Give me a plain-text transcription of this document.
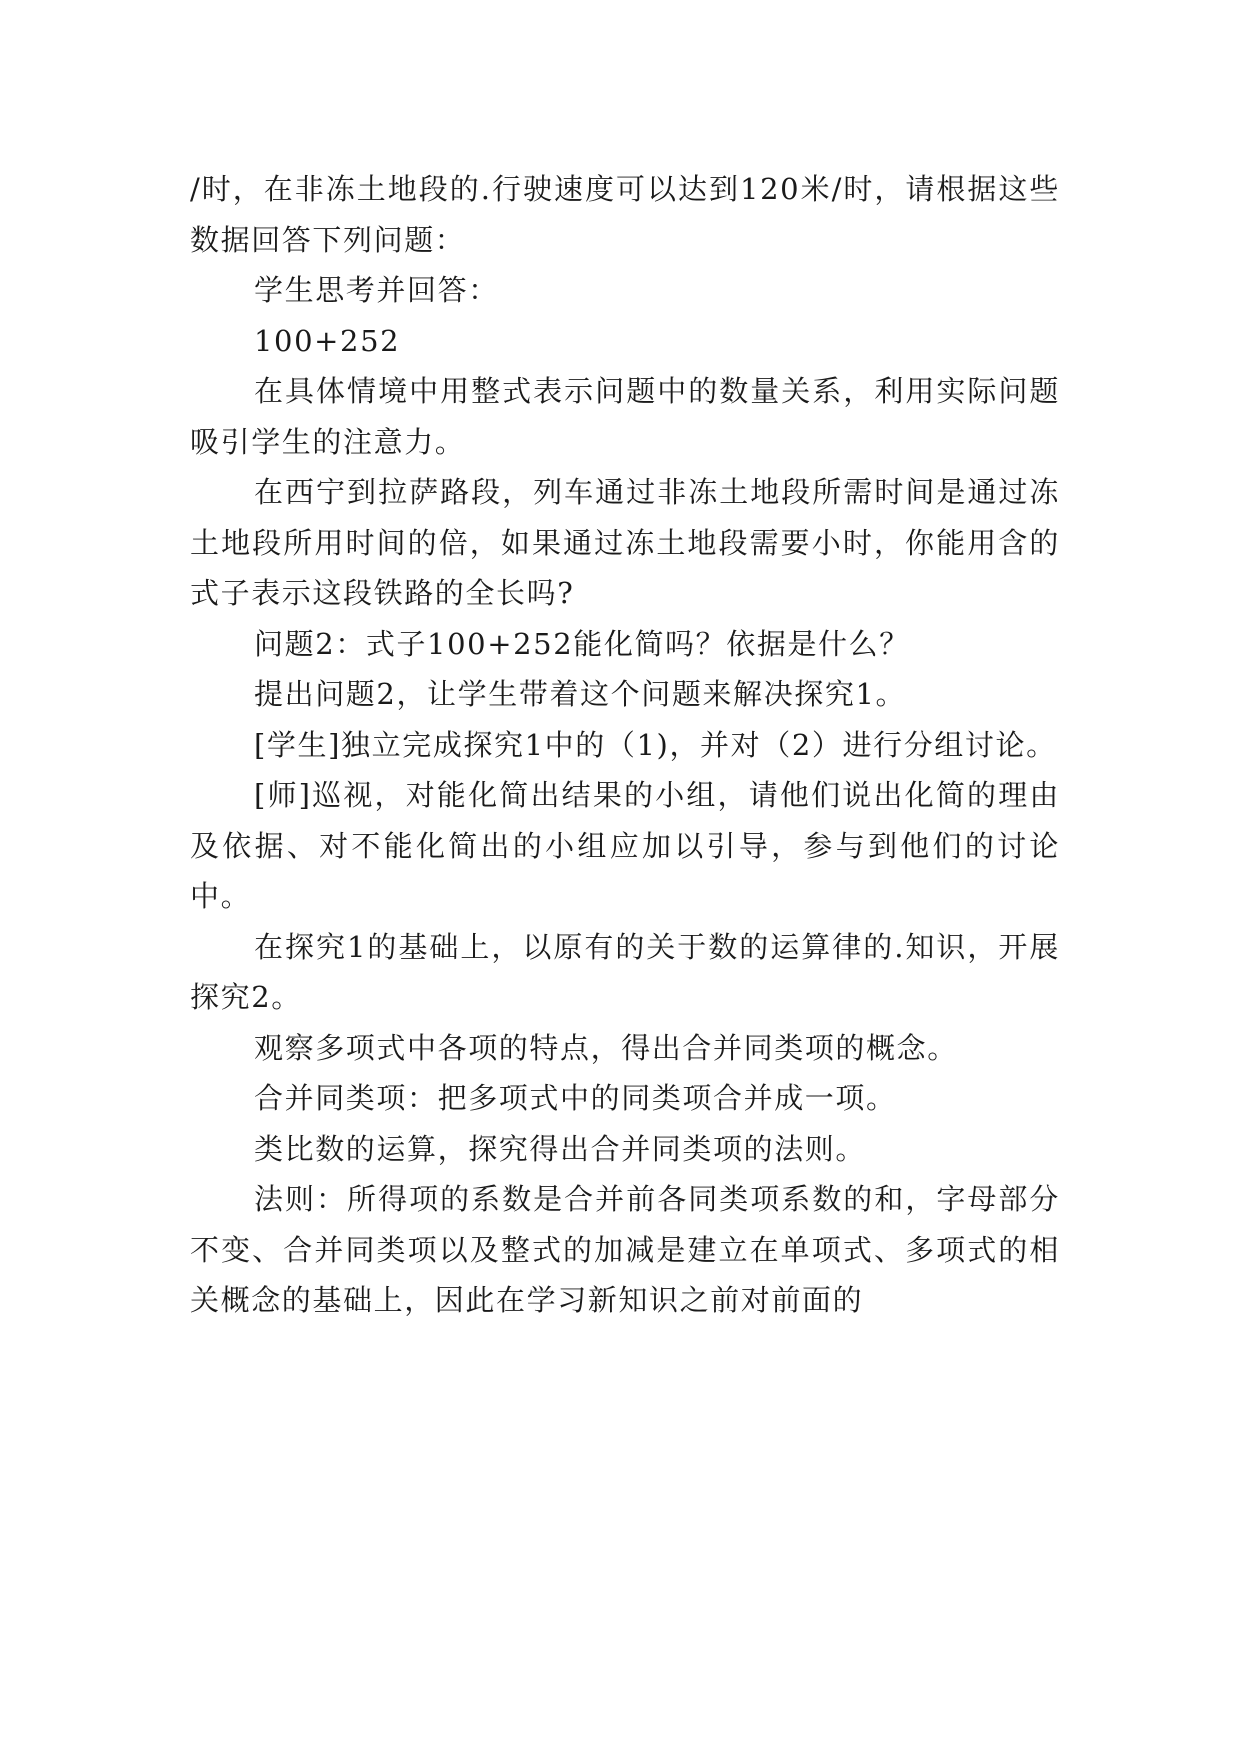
/时，在非冻土地段的.行驶速度可以达到120米/时，请根据这些数据回答下列问题：

学生思考并回答：

100+252

在具体情境中用整式表示问题中的数量关系，利用实际问题吸引学生的注意力。

在西宁到拉萨路段，列车通过非冻土地段所需时间是通过冻土地段所用时间的倍，如果通过冻土地段需要小时，你能用含的式子表示这段铁路的全长吗?

问题2：式子100+252能化简吗？依据是什么？

提出问题2，让学生带着这个问题来解决探究1。

[学生]独立完成探究1中的（1)，并对（2）进行分组讨论。

[师]巡视，对能化简出结果的小组，请他们说出化简的理由及依据、对不能化简出的小组应加以引导，参与到他们的讨论中。

在探究1的基础上，以原有的关于数的运算律的.知识，开展探究2。

观察多项式中各项的特点，得出合并同类项的概念。

合并同类项：把多项式中的同类项合并成一项。

类比数的运算，探究得出合并同类项的法则。

法则：所得项的系数是合并前各同类项系数的和，字母部分不变、合并同类项以及整式的加减是建立在单项式、多项式的相关概念的基础上，因此在学习新知识之前对前面的
